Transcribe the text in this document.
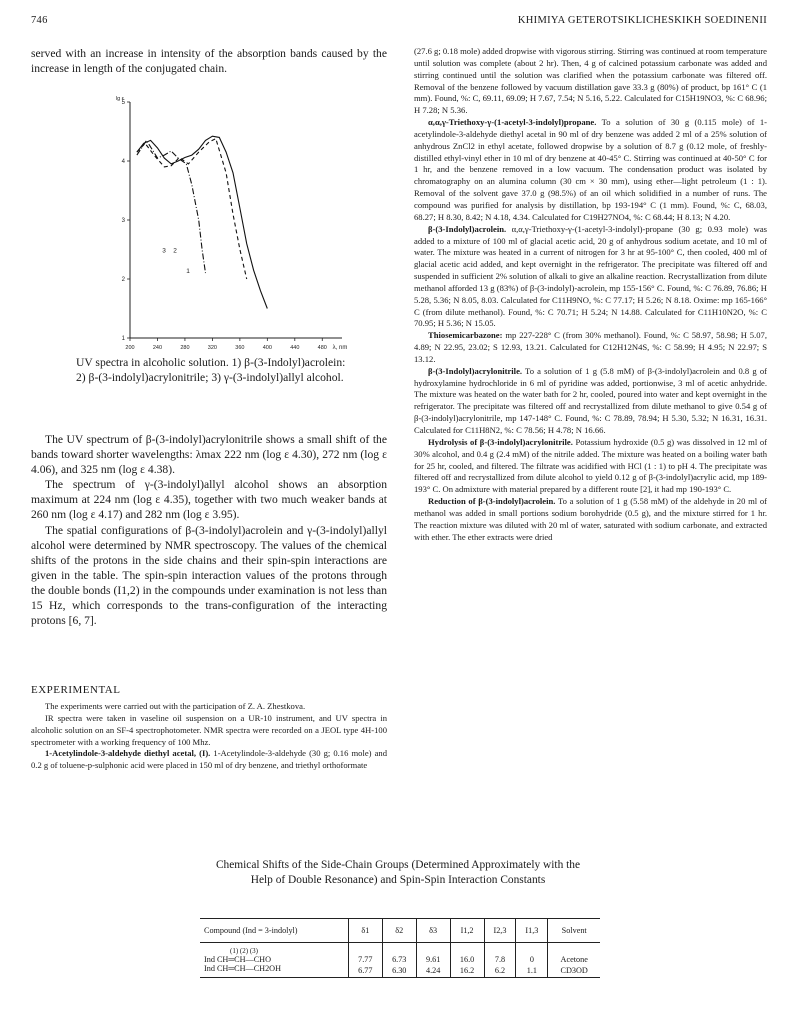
746	KHIMIYA GETEROTSIKLICHESKIKH SOEDINENII
served with an increase in intensity of the absorption bands caused by the increase in length of the conjugated chain.
200	240	280	320	360	400	440	480 λ, nm
1
2
3
4
5
lg ε
1
2
3
UV spectra in alcoholic solution. 1) β-(3-Indolyl)acrolein: 2) β-(3-indolyl)acrylonitrile; 3) γ-(3-indolyl)allyl alcohol.

The UV spectrum of β-(3-indolyl)acrylonitrile shows a small shift of the bands toward shorter wavelengths: λmax 222 nm (log ε 4.30), 272 nm (log ε 4.06), and 325 nm (log ε 4.38).

The spectrum of γ-(3-indolyl)allyl alcohol shows an absorption maximum at 224 nm (log ε 4.35), together with two much weaker bands at 260 nm (log ε 4.17) and 282 nm (log ε 3.95).

The spatial configurations of β-(3-indolyl)acrolein and γ-(3-indolyl)allyl alcohol were determined by NMR spectroscopy. The values of the chemical shifts of the protons in the side chains and their spin-spin interactions are given in the table. The spin-spin interaction values of the protons through the double bonds (I1,2) in the compounds under examination is not less than 15 Hz, which corresponds to the trans-configuration of the interacting protons [6, 7].

EXPERIMENTAL

The experiments were carried out with the participation of Z. A. Zhestkova.

IR spectra were taken in vaseline oil suspension on a UR-10 instrument, and UV spectra in alcoholic solution on an SF-4 spectrophotometer. NMR spectra were recorded on a JEOL type 4H-100 spectrometer with a working frequency of 100 Mhz.

1-Acetylindole-3-aldehyde diethyl acetal, (I). 1-Acetylindole-3-aldehyde (30 g; 0.16 mole) and 0.2 g of toluene-p-sulphonic acid were placed in 150 ml of dry benzene, and triethyl orthoformate

(27.6 g; 0.18 mole) added dropwise with vigorous stirring. Stirring was continued at room temperature until solution was complete (about 2 hr). Then, 4 g of calcined potassium carbonate was added and stirring continued until the solution was clarified when the potassium carbonate was filtered off. Removal of the benzene followed by vacuum distillation gave 33.3 g (80%) of product, bp 161° C (1 mm). Found, %: C, 69.11, 69.09; H 7.67, 7.54; N 5.16, 5.22. Calculated for C15H19NO3, %: C 68.96; H 7.28; N 5.36.

α,α,γ-Triethoxy-γ-(1-acetyl-3-indolyl)propane. To a solution of 30 g (0.115 mole) of 1-acetylindole-3-aldehyde diethyl acetal in 90 ml of dry benzene was added 2 ml of a 25% solution of anhydrous ZnCl2 in ethyl acetate, followed dropwise by a solution of 8.7 g (0.12 mole, of freshly-distilled ethyl-vinyl ether in 10 ml of dry benzene at 40-45° C. Stirring was continued at 40-50° C for 1 hr, and the benzene removed in a low vacuum. The condensation product was isolated by chromatography on an alumina column (30 cm × 30 mm), using ether—light petroleum (1 : 1). Removal of the solvent gave 37.0 g (98.5%) of an oil which solidified in a number of runs. The compound was purified for analysis by distillation, bp 193-194° C (1 mm). Found, %: C, 68.03, 68.27; H 8.30, 8.42; N 4.18, 4.34. Calculated for C19H27NO4, %: C 68.44; H 8.13; N 4.20.

β-(3-Indolyl)acrolein. α,α,γ-Triethoxy-γ-(1-acetyl-3-indolyl)-propane (30 g; 0.93 mole) was added to a mixture of 100 ml of glacial acetic acid, 20 g of anhydrous sodium acetate, and 10 ml of water. The mixture was heated in a current of nitrogen for 3 hr at 95-100° C, then cooled, 400 ml of glacial acetic acid added, and kept overnight in the refrigerator. The precipitate was filtered off and suspended in sufficient 2% solution of alkali to give an alkaline reaction. Recrystallization from dilute methanol afforded 13 g (83%) of β-(3-indolyl)-acrolein, mp 155-156° C. Found, %: C 76.89, 76.86; H 5.28, 5.36; N 8.05, 8.03. Calculated for C11H9NO, %: C 77.17; H 5.26; N 8.18. Oxime: mp 165-166° C (from dilute methanol). Found, %: C 70.71; H 5.24; N 14.88. Calculated for C11H10N2O, %: C 70.95; H 5.36; N 15.05.

Thiosemicarbazone: mp 227-228° C (from 30% methanol). Found, %: C 58.97, 58.98; H 5.07, 4.89; N 22.95, 23.02; S 12.93, 13.21. Calculated for C12H12N4S, %: C 58.99; H 4.95; N 22.97; S 13.12.

β-(3-Indolyl)acrylonitrile. To a solution of 1 g (5.8 mM) of β-(3-indolyl)acrolein and 0.8 g of hydroxylamine hydrochloride in 6 ml of pyridine was added, portionwise, 3 ml of acetic anhydride. The mixture was heated on the water bath for 2 hr, cooled, poured into water and kept overnight in the refrigerator. The precipitate was filtered off and recrystallized from dilute methanol to give 0.54 g of β-(3-indolyl)acrylonitrile, mp 147-148° C. Found, %: C 78.89, 78.94; H 5.30, 5.32; N 16.31, 16.31. Calculated for C11H8N2, %: C 78.56; H 4.78; N 16.66.

Hydrolysis of β-(3-indolyl)acrylonitrile. Potassium hydroxide (0.5 g) was dissolved in 12 ml of 30% alcohol, and 0.4 g (2.4 mM) of the nitrile added. The mixture was heated on a boiling water bath for 25 hr, cooled, and filtered. The filtrate was acidified with HCl (1 : 1) to pH 4. The precipitate was filtered off and recrystallized from dilute alcohol to yield 0.12 g of β-(3-indolyl)acrylic acid, mp 189-193° C. On admixture with material prepared by a different route [2], it had mp 190-193° C.

Reduction of β-(3-indolyl)acrolein. To a solution of 1 g (5.58 mM) of the aldehyde in 20 ml of methanol was added in small portions sodium borohydride (0.5 g), and the mixture stirred for 1 hr. The reaction mixture was diluted with 20 ml of water, saturated with sodium carbonate, and extracted with ether. The ether extracts were dried

Chemical Shifts of the Side-Chain Groups (Determined Approximately with the Help of Double Resonance) and Spin-Spin Interaction Constants
Compound (Ind = 3-indolyl)	δ1	δ2	δ3	I1,2	I2,3	I1,3	Solvent
(1) (2) (3)							
Ind CH═CH—CHO	7.77	6.73	9.61	16.0	7.8	0	Acetone
Ind CH═CH—CH2OH	6.77	6.30	4.24	16.2	6.2	1.1	CD3OD
